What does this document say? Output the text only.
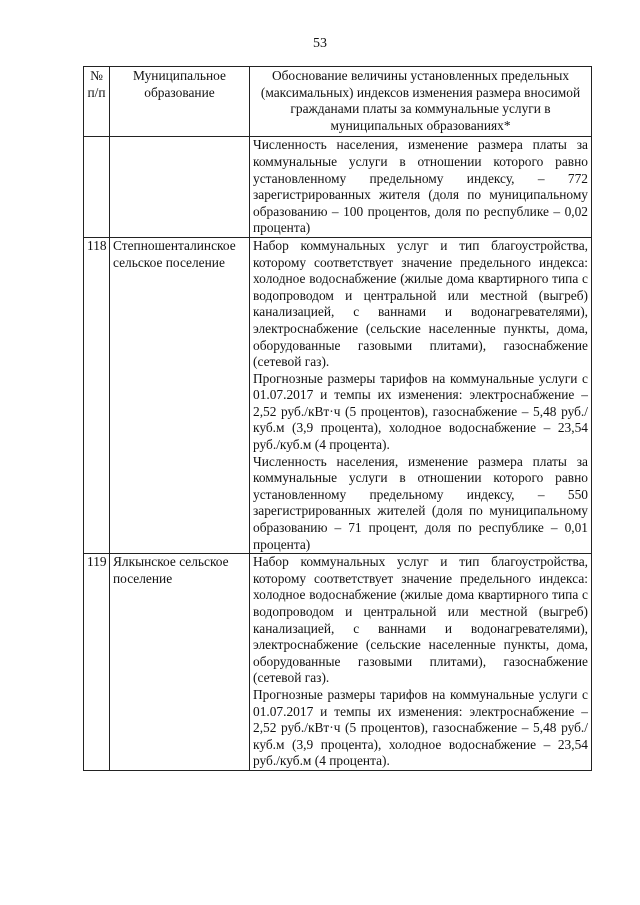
53
№ п/п	Муниципальное образование	Обоснование величины установленных предельных (максимальных) индексов изменения размера вносимой гражданами платы за коммунальные услуги в муниципальных образованиях*

		Численность населения, изменение размера платы за коммунальные услуги в отношении которого равно установленному предельному индексу, – 772 зарегистрированных жителя (доля по муниципальному образованию – 100 процентов, доля по республике – 0,02 процента)

118	Степношенталинское сельское поселение	Набор коммунальных услуг и тип благоустройства, которому соответствует значение предельного индекса: холодное водоснабжение (жилые дома квартирного типа с водопроводом и центральной или местной (выгреб) канализацией, с ваннами и водонагревателями), электроснабжение (сельские населенные пункты, дома, оборудованные газовыми плитами), газоснабжение (сетевой газ).

Прогнозные размеры тарифов на коммунальные услуги с 01.07.2017 и темпы их изменения: электроснабжение – 2,52 руб./кВт·ч (5 процентов), газоснабжение – 5,48 руб./куб.м (3,9 процента), холодное водоснабжение – 23,54 руб./куб.м (4 процента).

Численность населения, изменение размера платы за коммунальные услуги в отношении которого равно установленному предельному индексу, – 550 зарегистрированных жителей (доля по муниципальному образованию – 71 процент, доля по республике – 0,01 процента)

119	Ялкынское сельское поселение	Набор коммунальных услуг и тип благоустройства, которому соответствует значение предельного индекса: холодное водоснабжение (жилые дома квартирного типа с водопроводом и центральной или местной (выгреб) канализацией, с ваннами и водонагревателями), электроснабжение (сельские населенные пункты, дома, оборудованные газовыми плитами), газоснабжение (сетевой газ).

Прогнозные размеры тарифов на коммунальные услуги с 01.07.2017 и темпы их изменения: электроснабжение – 2,52 руб./кВт·ч (5 процентов), газоснабжение – 5,48 руб./куб.м (3,9 процента), холодное водоснабжение – 23,54 руб./куб.м (4 процента).
